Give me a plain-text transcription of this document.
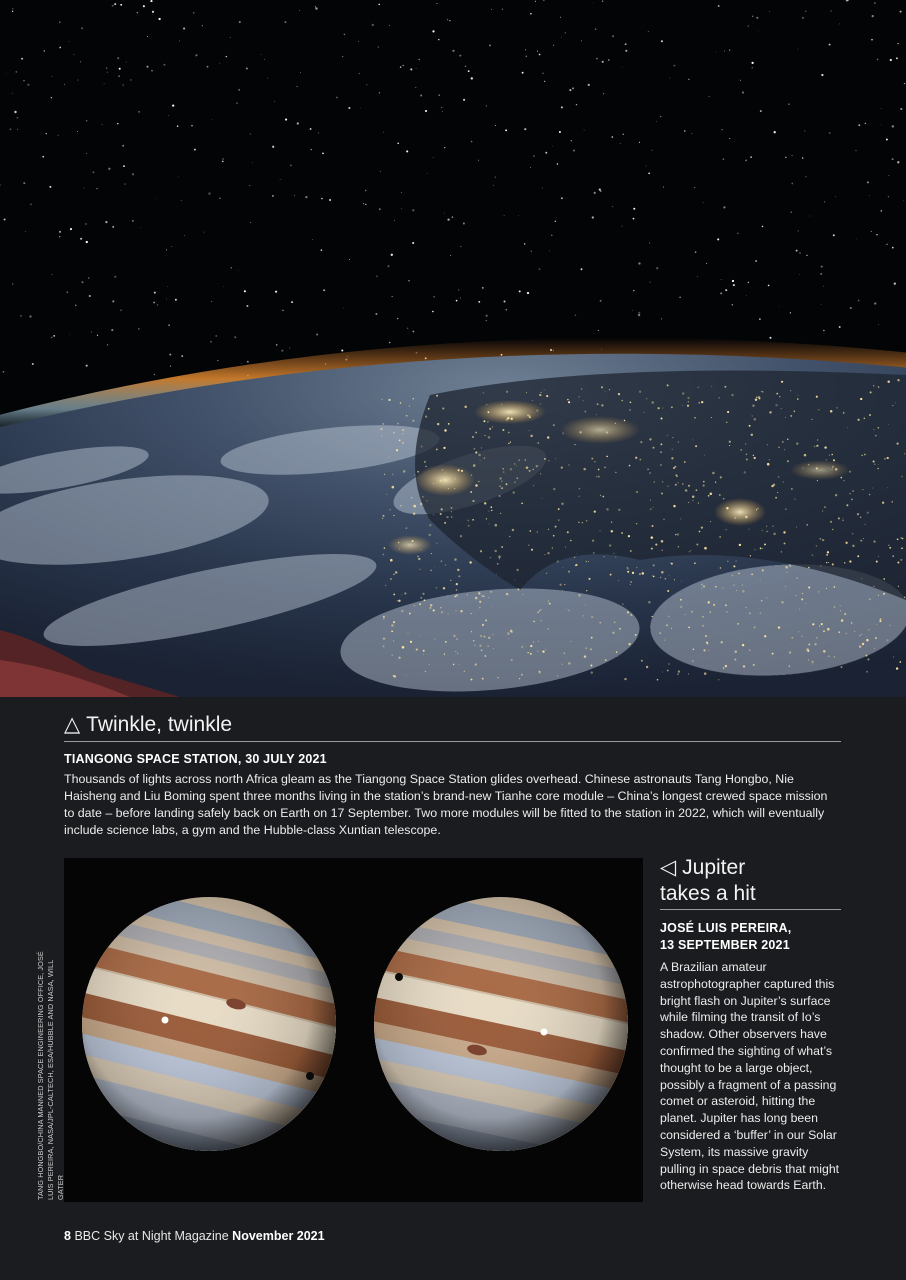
△ Twinkle, twinkle
TIANGONG SPACE STATION, 30 JULY 2021
Thousands of lights across north Africa gleam as the Tiangong Space Station glides overhead. Chinese astronauts Tang Hongbo, Nie Haisheng and Liu Boming spent three months living in the station’s brand-new Tianhe core module – China’s longest crewed space mission to date – before landing safely back on Earth on 17 September. Two more modules will be fitted to the station in 2022, which will eventually include science labs, a gym and the Hubble-class Xuntian telescope.
TANG HONGBO/CHINA MANNED SPACE ENGINEERING OFFICE, JOSÉ LUIS PEREIRA, NASA/JPL-CALTECH, ESA/HUBBLE AND NASA, WILL GATER
◁ Jupiter
takes a hit
JOSÉ LUIS PEREIRA,
13 SEPTEMBER 2021
A Brazilian amateur astrophotographer captured this bright flash on Jupiter’s surface while filming the transit of Io’s shadow. Other observers have confirmed the sighting of what’s thought to be a large object, possibly a fragment of a passing comet or asteroid, hitting the planet. Jupiter has long been considered a ‘buffer’ in our Solar System, its massive gravity pulling in space debris that might otherwise head towards Earth.
8 BBC Sky at Night Magazine November 2021
